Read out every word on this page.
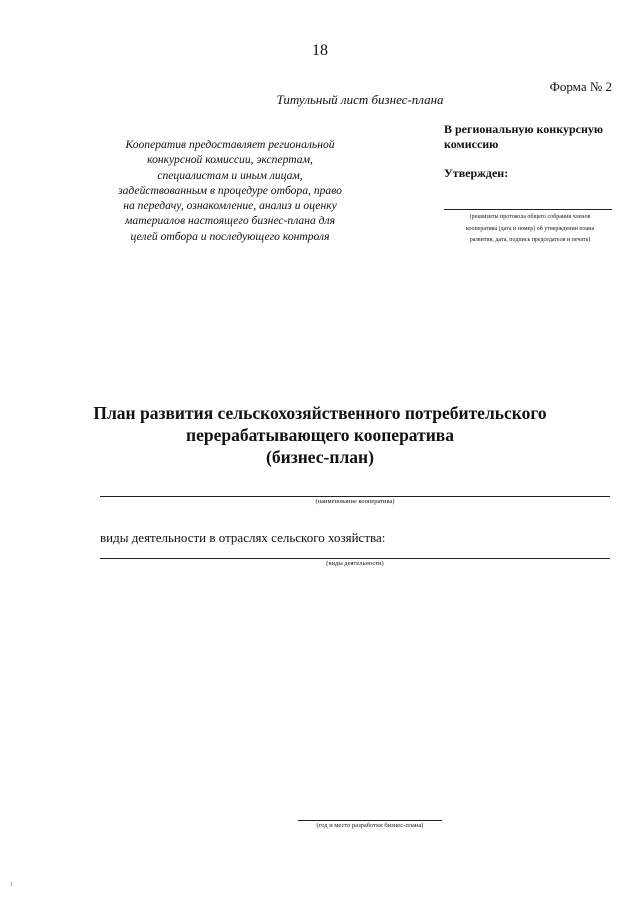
18
Форма № 2
Титульный лист бизнес-плана
Кооператив предоставляет региональной
конкурсной комиссии, экспертам,
специалистам и иным лицам,
задействованным в процедуре отбора, право
на передачу, ознакомление, анализ и оценку
материалов настоящего бизнес-плана для
целей отбора и последующего контроля
В региональную конкурсную
комиссию
Утвержден:
(реквизиты протокола общего собрания членов
кооператива (дата и номер) об утверждении плана
развития, дата, подпись председателя и печать)
План развития сельскохозяйственного потребительского
перерабатывающего кооператива
(бизнес-план)
(наименование кооператива)
виды деятельности в отраслях сельского хозяйства:
(виды деятельности)
(год и место разработки бизнес-плана)
1
